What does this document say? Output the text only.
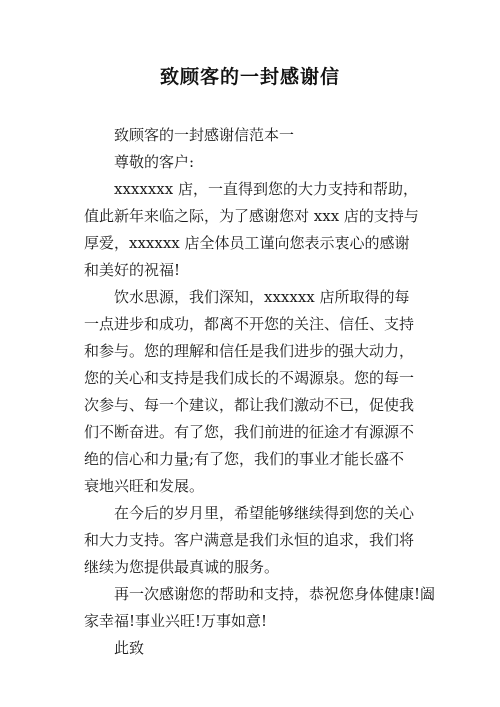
致顾客的一封感谢信
致顾客的一封感谢信范本一
尊敬的客户:
xxxxxxx 店，一直得到您的大力支持和帮助，
值此新年来临之际，为了感谢您对 xxx 店的支持与
厚爱，xxxxxx 店全体员工谨向您表示衷心的感谢
和美好的祝福!
饮水思源，我们深知，xxxxxx 店所取得的每
一点进步和成功，都离不开您的关注、信任、支持
和参与。您的理解和信任是我们进步的强大动力，
您的关心和支持是我们成长的不竭源泉。您的每一
次参与、每一个建议，都让我们激动不已，促使我
们不断奋进。有了您，我们前进的征途才有源源不
绝的信心和力量;有了您，我们的事业才能长盛不
衰地兴旺和发展。
在今后的岁月里，希望能够继续得到您的关心
和大力支持。客户满意是我们永恒的追求，我们将
继续为您提供最真诚的服务。
再一次感谢您的帮助和支持，恭祝您身体健康!阖
家幸福!事业兴旺!万事如意!
此致
